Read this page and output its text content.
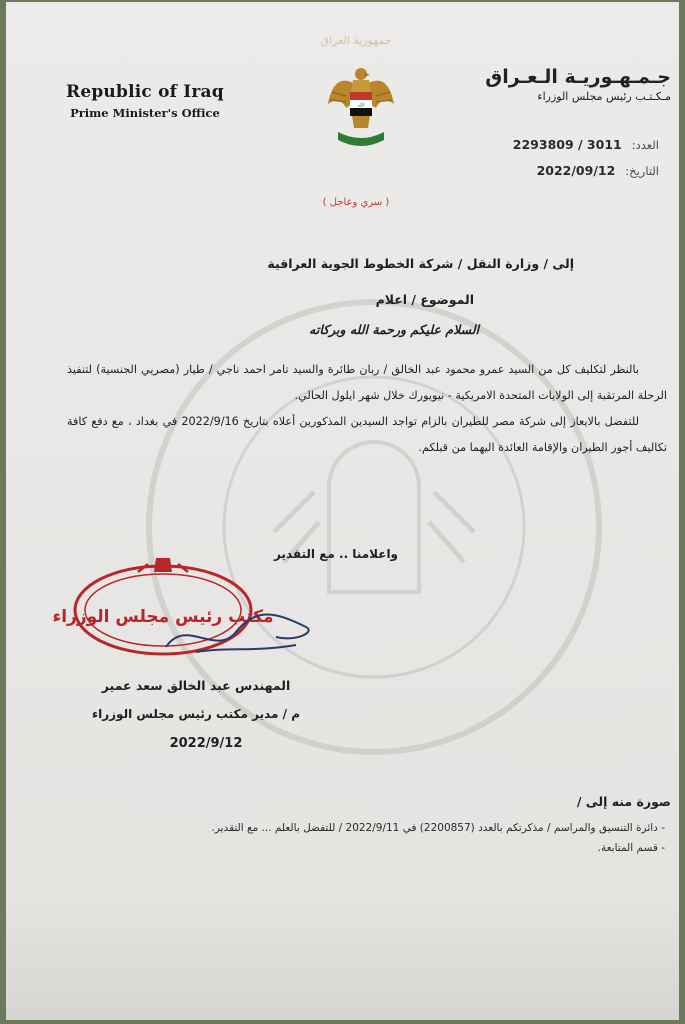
جمهورية العراق
Republic of Iraq
Prime Minister's Office
الله
جـمـهـوريـة الـعـراق
مـكـتـب رئيس مجلس الوزراء
العدد: 2293809 / 3011
التاريخ: 2022/09/12
( سري وعاجل )
إلى / وزارة النقل / شركة الخطوط الجوية العراقية
الموضوع / اعلام
السلام عليكم ورحمة الله وبركاته

بالنظر لتكليف كل من السيد عمرو محمود عبد الخالق / ربان طائرة والسيد تامر احمد ناجي / طيار (مصريي الجنسية) لتنفيذ الرحلة المرتقبة إلى الولايات المتحدة الامريكية - نيويورك خلال شهر ايلول الحالي.

للتفضل بالايعاز إلى شركة مصر للطيران بالزام تواجد السيدين المذكورين أعلاه بتاريخ 2022/9/16 في بغداد ، مع دفع كافة تكاليف أجور الطيران والإقامة العائدة اليهما من قبلكم.

واعلامنا .. مع التقدير
مكتب رئيس مجلس الوزراء
المهندس عبد الخالق سعد عمير
م / مدير مكتب رئيس مجلس الوزراء
2022/9/12
صورة منه إلى /
- دائرة التنسيق والمراسم / مذكرتكم بالعدد (2200857) في 2022/9/11 / للتفضل بالعلم ... مع التقدير.
- قسم المتابعة.
